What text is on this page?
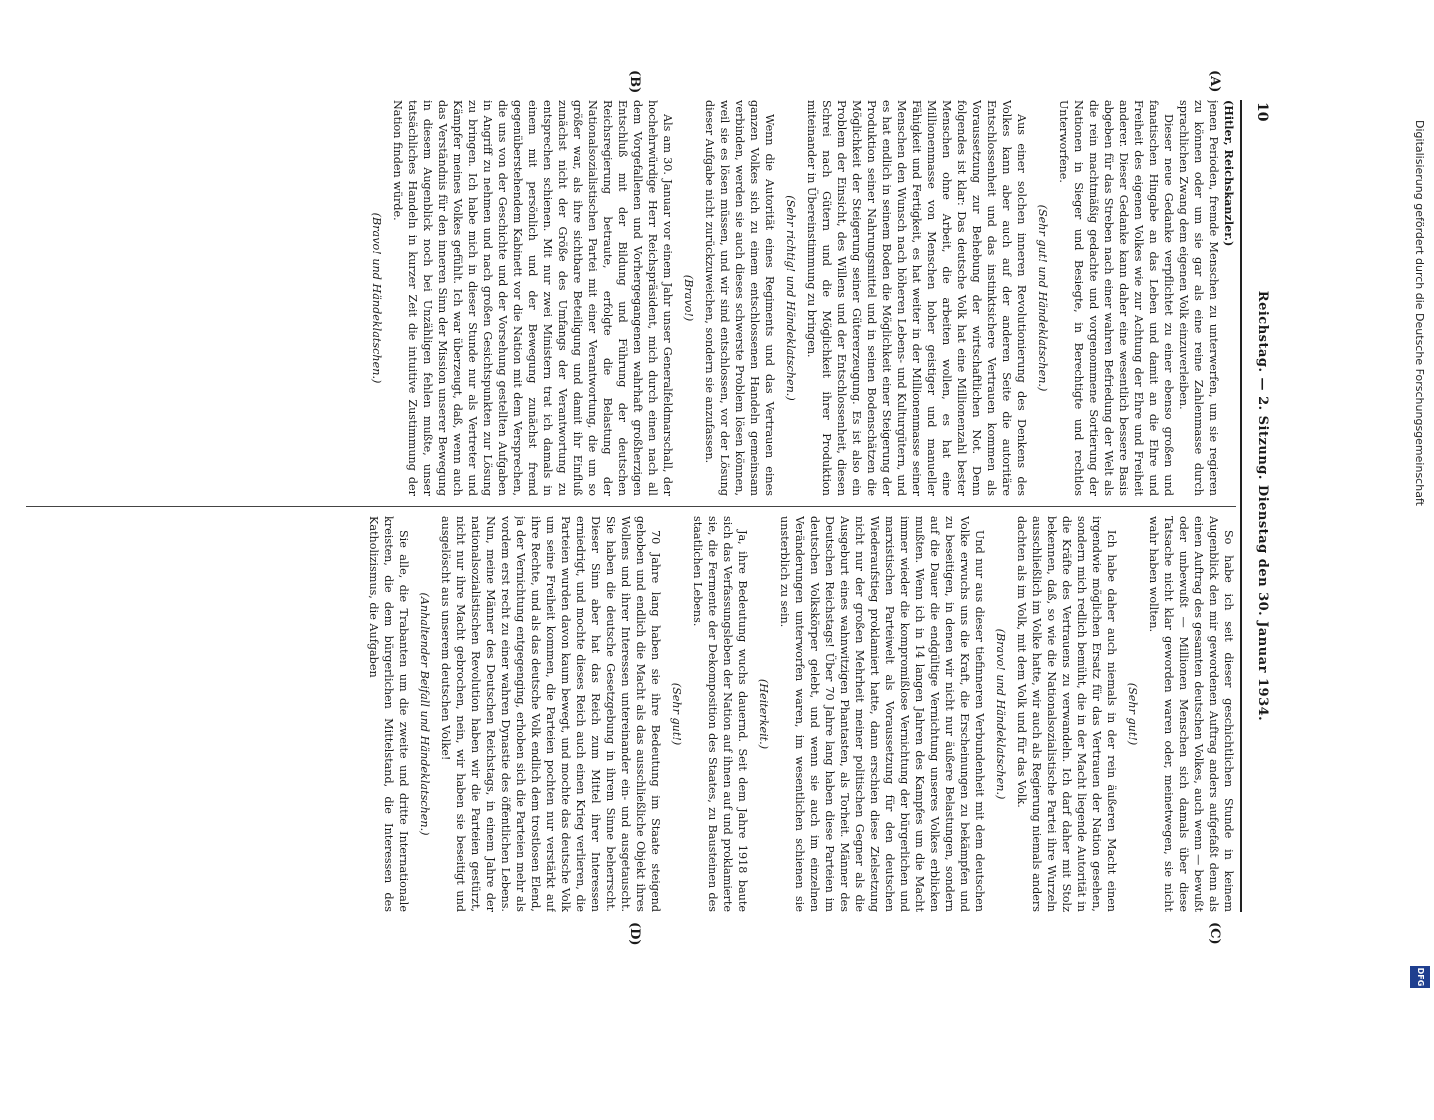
10
Reichstag. — 2. Sitzung. Dienstag den 30. Januar 1934.
(A)
(B)
(C)
(D)

(Hitler, Reichskanzler.)

jenen Perioden, fremde Menschen zu unterwerfen, um sie regieren zu können oder um sie gar als eine reine Zahlenmasse durch sprachlichen Zwang dem eigenen Volk einzuverleiben.

Dieser neue Gedanke verpflichtet zu einer ebenso großen und fanatischen Hingabe an das Leben und damit an die Ehre und Freiheit des eigenen Volkes wie zur Achtung der Ehre und Freiheit anderer. Dieser Gedanke kann daher eine wesentlich bessere Basis abgeben für das Streben nach einer wahren Befriedung der Welt als die rein machtmäßig gedachte und vorgenommene Sortierung der Nationen in Sieger und Besiegte, in Berechtigte und rechtlos Unterworfene.

(Sehr gut! und Händeklatschen.)

Aus einer solchen inneren Revolutionierung des Denkens des Volkes kann aber auch auf der anderen Seite die autoritäre Entschlossenheit und das instinktsichere Vertrauen kommen als Voraussetzung zur Behebung der wirtschaftlichen Not. Denn folgendes ist klar: Das deutsche Volk hat eine Millionenzahl bester Menschen ohne Arbeit, die arbeiten wollen, es hat eine Millionenmasse von Menschen hoher geistiger und manueller Fähigkeit und Fertigkeit, es hat weiter in der Millionenmasse seiner Menschen den Wunsch nach höheren Lebens- und Kulturgütern, und es hat endlich in seinem Boden die Möglichkeit einer Steigerung der Produktion seiner Nahrungsmittel und in seinen Bodenschätzen die Möglichkeit der Steigerung seiner Gütererzeugung. Es ist also ein Problem der Einsicht, des Willens und der Entschlossenheit, diesen Schrei nach Gütern und die Möglichkeit ihrer Produktion miteinander in Übereinstimmung zu bringen.

(Sehr richtig! und Händeklatschen.)

Wenn die Autorität eines Regiments und das Vertrauen eines ganzen Volkes sich zu einem entschlossenen Handeln gemeinsam verbinden, werden sie auch dieses schwerste Problem lösen können, weil sie es lösen müssen, und wir sind entschlossen, vor der Lösung dieser Aufgabe nicht zurückzuweichen, sondern sie anzufassen.

(Bravo!)

Als am 30. Januar vor einem Jahr unser Generalfeldmarschall, der hochehrwürdige Herr Reichspräsident, mich durch einen nach all dem Vorgefallenen und Vorhergegangenen wahrhaft großherzigen Entschluß mit der Bildung und Führung der deutschen Reichsregierung betraute, erfolgte die Belastung der Nationalsozialistischen Partei mit einer Verantwortung, die um so größer war, als ihre sichtbare Beteiligung und damit ihr Einfluß zunächst nicht der Größe des Umfangs der Verantwortung zu entsprechen schienen. Mit nur zwei Ministern trat ich damals in einem mit persönlich und der Bewegung zunächst fremd gegenüberstehendem Kabinett vor die Nation mit dem Versprechen, die uns von der Geschichte und der Vorsehung gestellten Aufgaben in Angriff zu nehmen und nach großen Gesichtspunkten zur Lösung zu bringen. Ich habe mich in dieser Stunde nur als Vertreter und Kämpfer meines Volkes gefühlt. Ich war überzeugt, daß, wenn auch das Verständnis für den inneren Sinn der Mission unserer Bewegung in diesem Augenblick noch bei Unzähligen fehlen mußte, unser tatsächliches Handeln in kurzer Zeit die intuitive Zustimmung der Nation finden würde.

(Bravo! und Händeklatschen.)

So habe ich seit dieser geschichtlichen Stunde in keinem Augenblick den mir gewordenen Auftrag anders aufgefaßt denn als einen Auftrag des gesamten deutschen Volkes, auch wenn — bewußt oder unbewußt — Millionen Menschen sich damals über diese Tatsache nicht klar geworden waren oder, meinetwegen, sie nicht wahr haben wollten.

(Sehr gut!)

Ich habe daher auch niemals in der rein äußeren Macht einen irgendwie möglichen Ersatz für das Vertrauen der Nation gesehen, sondern mich redlich bemüht, die in der Macht liegende Autorität in die Kräfte des Vertrauens zu verwandeln. Ich darf daher mit Stolz bekennen, daß, so wie die Nationalsozialistische Partei ihre Wurzeln ausschließlich im Volke hatte, wir auch als Regierung niemals anders dachten als im Volk, mit dem Volk und für das Volk.

(Bravo! und Händeklatschen.)

Und nur aus dieser tiefinneren Verbundenheit mit dem deutschen Volke erwuchs uns die Kraft, die Erscheinungen zu bekämpfen und zu beseitigen, in denen wir nicht nur äußere Belastungen, sondern auf die Dauer die endgültige Vernichtung unseres Volkes erblicken mußten. Wenn ich in 14 langen Jahren des Kampfes um die Macht immer wieder die kompromißlose Vernichtung der bürgerlichen und marxistischen Parteiwelt als Voraussetzung für den deutschen Wiederaufstieg proklamiert hatte, dann erschien diese Zielsetzung nicht nur der großen Mehrheit meiner politischen Gegner als die Ausgeburt eines wahnwitzigen Phantasten, als Torheit. Männer des Deutschen Reichstags! Über 70 Jahre lang haben diese Parteien im deutschen Volkskörper gelebt, und wenn sie auch im einzelnen Veränderungen unterworfen waren, im wesentlichen schienen sie unsterblich zu sein.

(Heiterkeit.)

Ja, ihre Bedeutung wuchs dauernd. Seit dem Jahre 1918 baute sich das Verfassungsleben der Nation auf ihnen auf und proklamierte sie, die Fermente der Dekomposition des Staates, zu Bausteinen des staatlichen Lebens.

(Sehr gut!)

70 Jahre lang haben sie ihre Bedeutung im Staate steigend gehoben und endlich die Macht als das ausschließliche Objekt ihres Wollens und ihrer Interessen untereinander ein- und ausgetauscht. Sie haben die deutsche Gesetzgebung in ihrem Sinne beherrscht. Dieser Sinn aber hat das Reich zum Mittel ihrer Interessen erniedrigt, und mochte dieses Reich auch einen Krieg verlieren, die Parteien wurden davon kaum bewegt, und mochte das deutsche Volk um seine Freiheit kommen, die Parteien pochten nur verstärkt auf ihre Rechte, und als das deutsche Volk endlich dem trostlosen Elend, ja der Vernichtung entgegenging, erhoben sich die Parteien mehr als vordem erst recht zu einer wahren Dynastie des öffentlichen Lebens. Nun, meine Männer des Deutschen Reichstags, in einem Jahre der nationalsozialistischen Revolution haben wir die Parteien gestürzt, nicht nur ihre Macht gebrochen, nein, wir haben sie beseitigt und ausgelöscht aus unserem deutschen Volke!

(Anhaltender Beifall und Händeklatschen.)

Sie alle, die Trabanten um die zweite und dritte Internationale kreisten, die dem bürgerlichen Mittelstand, die Interessen des Katholizismus, die Aufgaben

Digitalisierung gefördert durch die Deutsche Forschungsgemeinschaft
DFG
